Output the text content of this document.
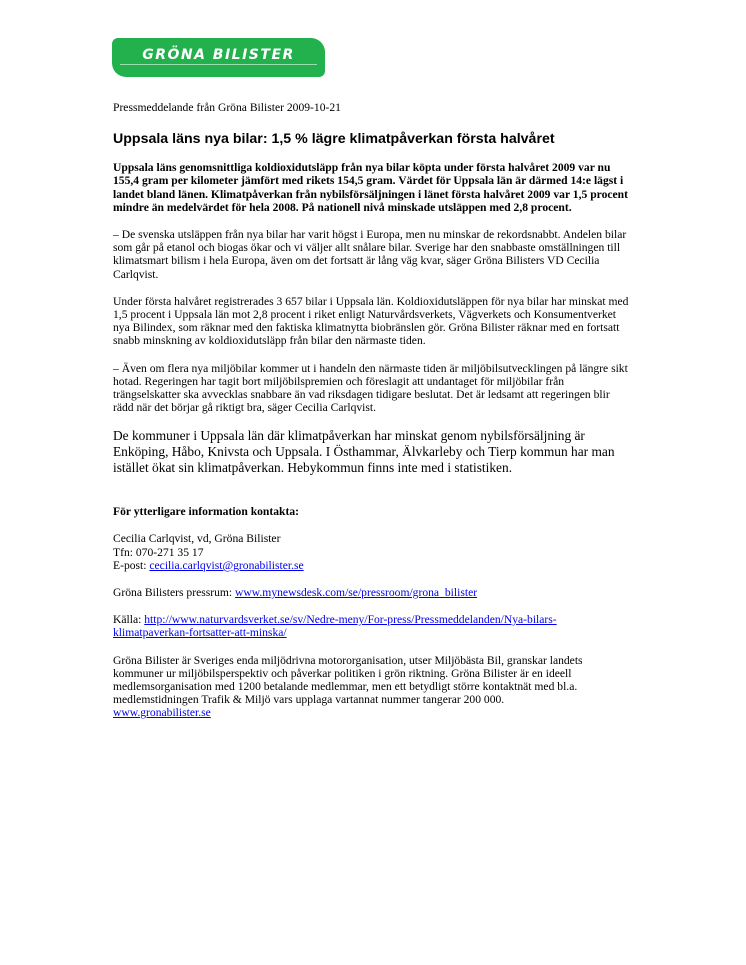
GRÖNA BILISTER
Pressmeddelande från Gröna Bilister 2009-10-21
Uppsala läns nya bilar: 1,5 % lägre klimatpåverkan första halvåret

Uppsala läns genomsnittliga koldioxidutsläpp från nya bilar köpta under första halvåret 2009 var nu 155,4 gram per kilometer jämfört med rikets 154,5 gram. Värdet för Uppsala län är därmed 14:e lägst i landet bland länen. Klimatpåverkan från nybilsförsäljningen i länet första halvåret 2009 var 1,5 procent mindre än medelvärdet för hela 2008. På nationell nivå minskade utsläppen med 2,8 procent.

– De svenska utsläppen från nya bilar har varit högst i Europa, men nu minskar de rekordsnabbt. Andelen bilar som går på etanol och biogas ökar och vi väljer allt snålare bilar. Sverige har den snabbaste omställningen till klimatsmart bilism i hela Europa, även om det fortsatt är lång väg kvar, säger Gröna Bilisters VD Cecilia Carlqvist.

Under första halvåret registrerades 3 657 bilar i Uppsala län. Koldioxidutsläppen för nya bilar har minskat med 1,5 procent i Uppsala län mot 2,8 procent i riket enligt Naturvårdsverkets, Vägverkets och Konsumentverket nya Bilindex, som räknar med den faktiska klimatnytta biobränslen gör. Gröna Bilister räknar med en fortsatt snabb minskning av koldioxidutsläpp från bilar den närmaste tiden.

– Även om flera nya miljöbilar kommer ut i handeln den närmaste tiden är miljöbilsutvecklingen på längre sikt hotad. Regeringen har tagit bort miljöbilspremien och föreslagit att undantaget för miljöbilar från trängselskatter ska avvecklas snabbare än vad riksdagen tidigare beslutat. Det är ledsamt att regeringen blir rädd när det börjar gå riktigt bra, säger Cecilia Carlqvist.

De kommuner i Uppsala län där klimatpåverkan har minskat genom nybilsförsäljning är Enköping, Håbo, Knivsta och Uppsala. I Östhammar, Älvkarleby och Tierp kommun har man istället ökat sin klimatpåverkan. Hebykommun finns inte med i statistiken.

För ytterligare information kontakta:

Cecilia Carlqvist, vd, Gröna Bilister
Tfn: 070-271 35 17
E-post: cecilia.carlqvist@gronabilister.se

Gröna Bilisters pressrum: www.mynewsdesk.com/se/pressroom/grona_bilister

Källa: http://www.naturvardsverket.se/sv/Nedre-meny/For-press/Pressmeddelanden/Nya-bilars-
klimatpaverkan-fortsatter-att-minska/

Gröna Bilister är Sveriges enda miljödrivna motororganisation, utser Miljöbästa Bil, granskar landets kommuner ur miljöbilsperspektiv och påverkar politiken i grön riktning. Gröna Bilister är en ideell medlemsorganisation med 1200 betalande medlemmar, men ett betydligt större kontaktnät med bl.a. medlemstidningen Trafik & Miljö vars upplaga vartannat nummer tangerar 200 000.
www.gronabilister.se
